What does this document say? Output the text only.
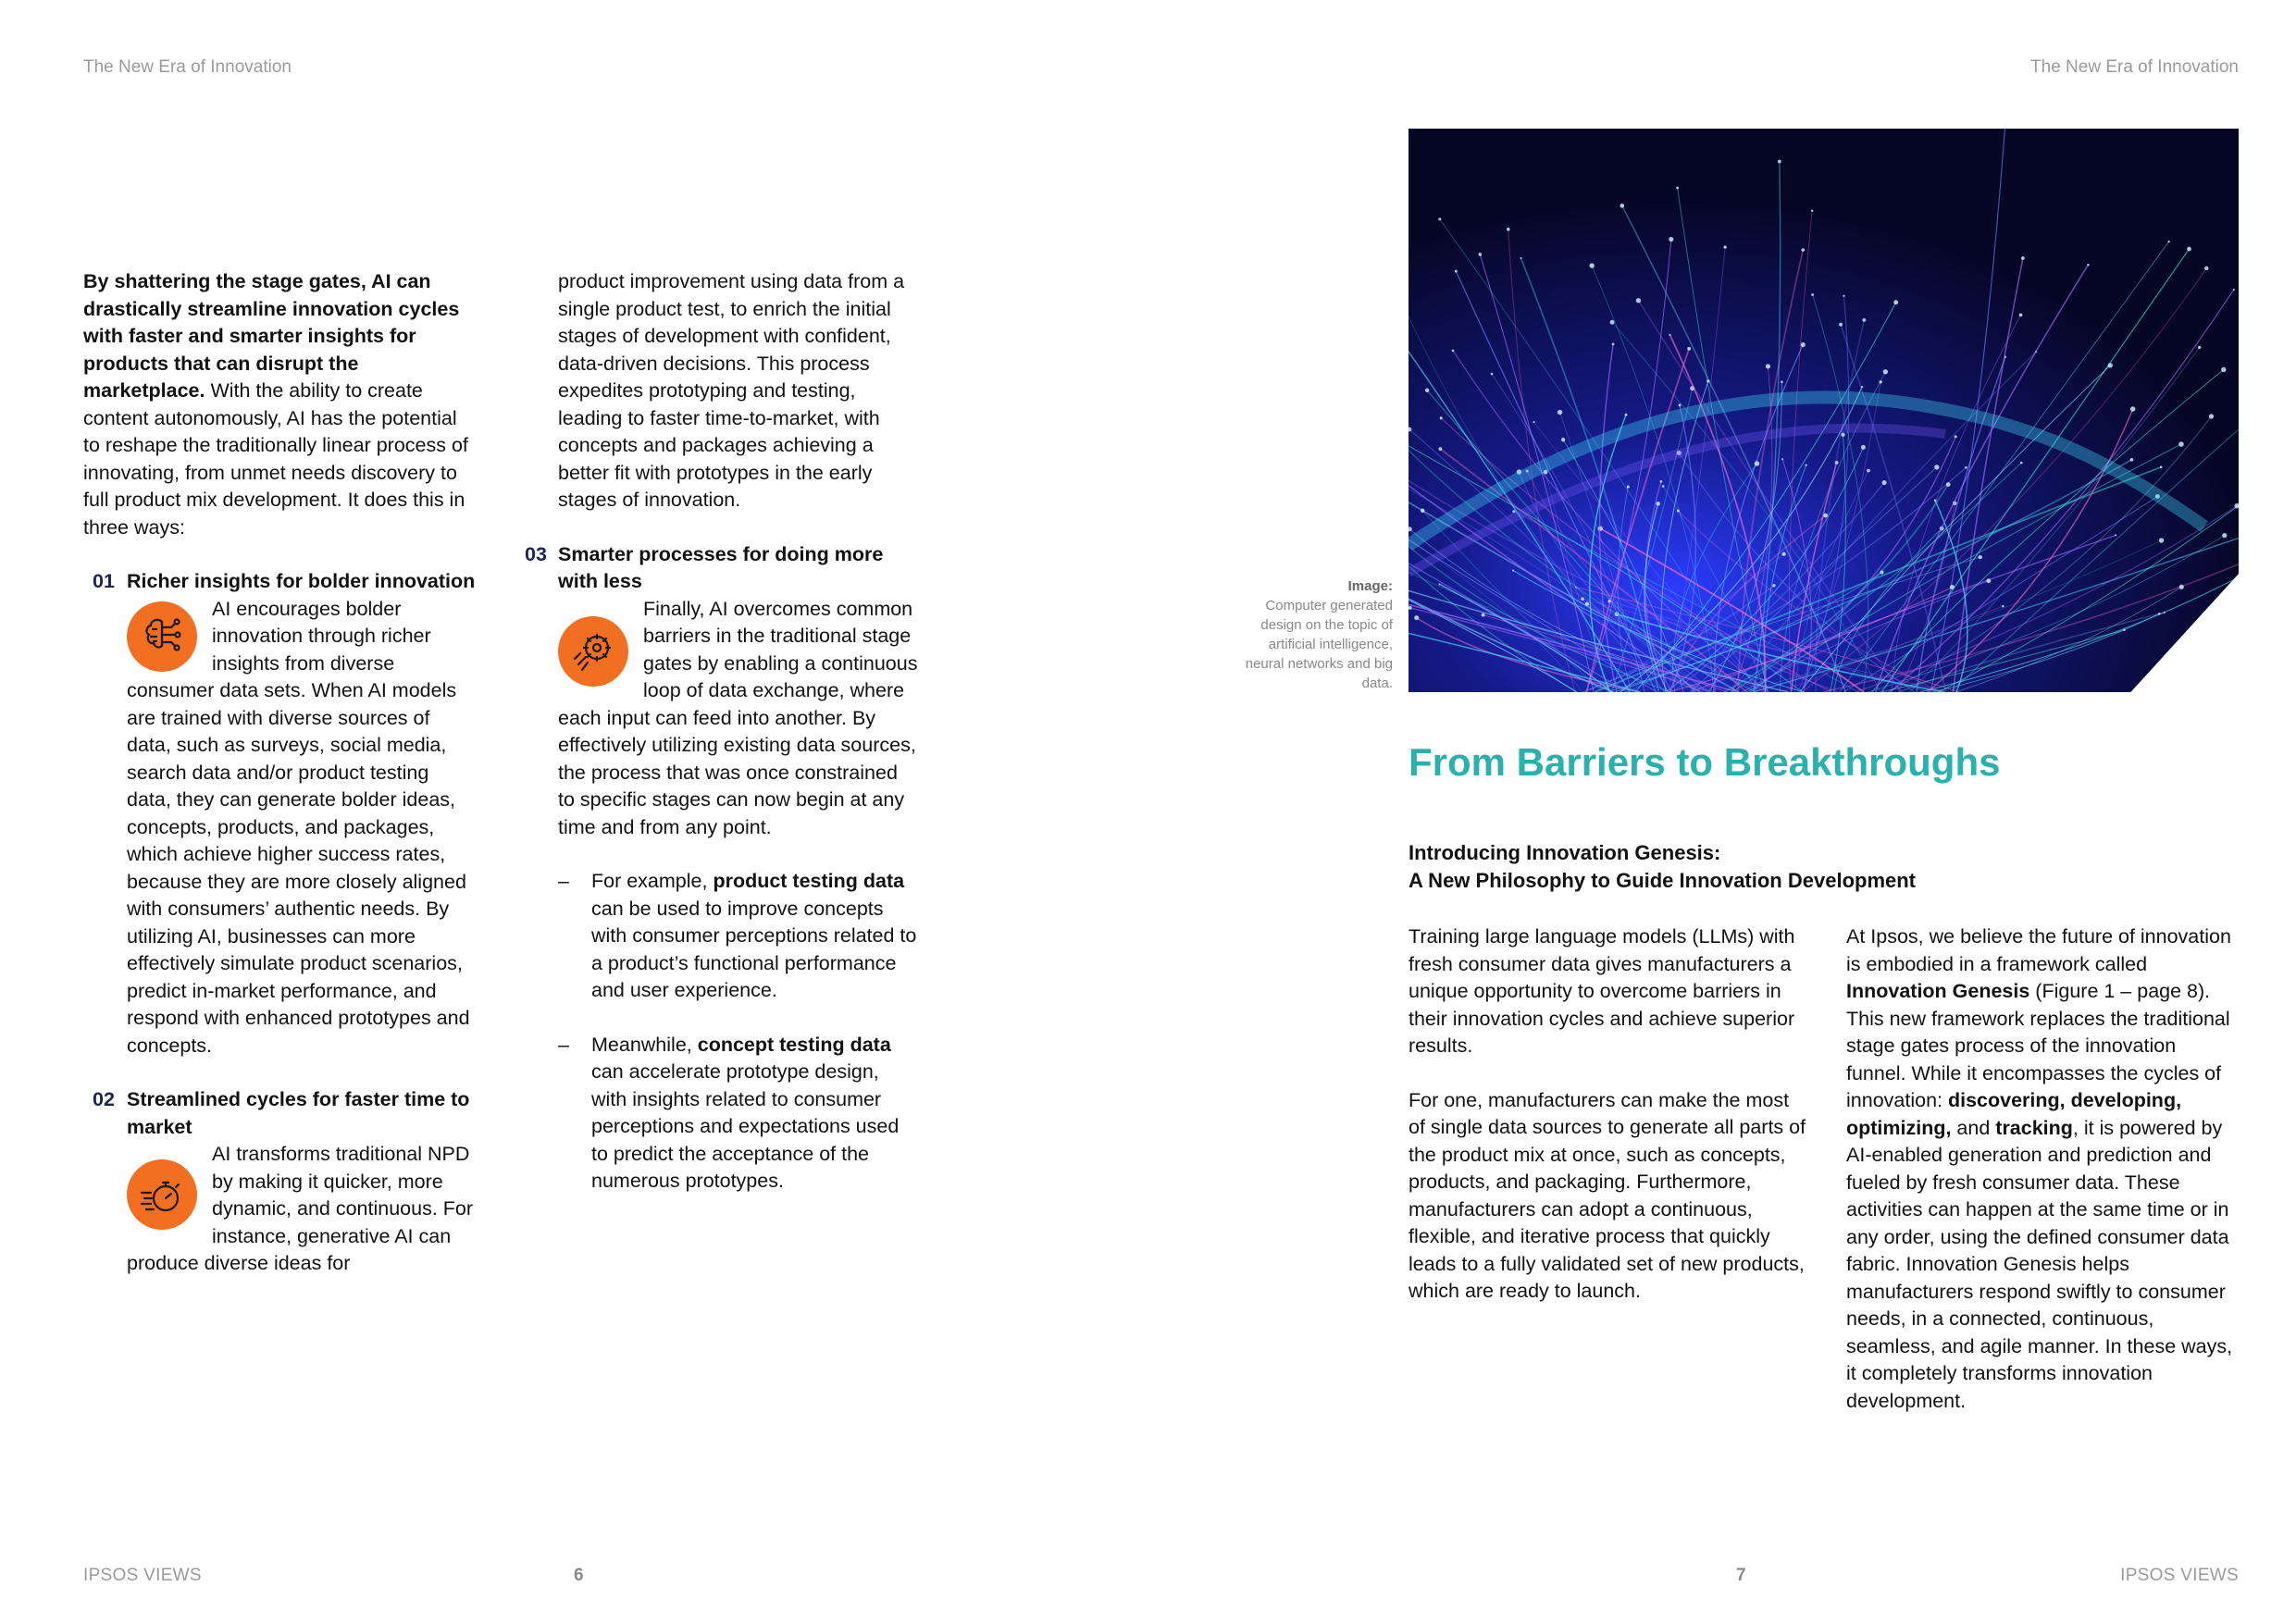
The New Era of Innovation	The New Era of Innovation

By shattering the stage gates, AI can drastically streamline innovation cycles with faster and smarter insights for products that can disrupt the marketplace. With the ability to create content autonomously, AI has the potential to reshape the traditionally linear process of innovating, from unmet needs discovery to full product mix development. It does this in three ways:

01 Richer insights for bolder innovation
AI encourages bolder innovation through richer insights from diverse consumer data sets. When AI models are trained with diverse sources of data, such as surveys, social media, search data and/or product testing data, they can generate bolder ideas, concepts, products, and packages, which achieve higher success rates, because they are more closely aligned with consumers’ authentic needs. By utilizing AI, businesses can more effectively simulate product scenarios, predict in-market performance, and respond with enhanced prototypes and concepts.
02 Streamlined cycles for faster time to market
AI transforms traditional NPD by making it quicker, more dynamic, and continuous. For instance, generative AI can produce diverse ideas for

product improvement using data from a single product test, to enrich the initial stages of development with confident, data-driven decisions. This process expedites prototyping and testing, leading to faster time-to-market, with concepts and packages achieving a better fit with prototypes in the early stages of innovation.

03 Smarter processes for doing more with less
Finally, AI overcomes common barriers in the traditional stage gates by enabling a continuous loop of data exchange, where each input can feed into another. By effectively utilizing existing data sources, the process that was once constrained to specific stages can now begin at any time and from any point.
– For example, product testing data can be used to improve concepts with consumer perceptions related to a product’s functional performance and user experience.
– Meanwhile, concept testing data can accelerate prototype design, with insights related to consumer perceptions and expectations used to predict the acceptance of the numerous prototypes.
Image:
Computer generated design on the topic of artificial intelligence, neural networks and big data.
From Barriers to Breakthroughs
Introducing Innovation Genesis:
A New Philosophy to Guide Innovation Development

Training large language models (LLMs) with fresh consumer data gives manufacturers a unique opportunity to overcome barriers in their innovation cycles and achieve superior results.

For one, manufacturers can make the most of single data sources to generate all parts of the product mix at once, such as concepts, products, and packaging. Furthermore, manufacturers can adopt a continuous, flexible, and iterative process that quickly leads to a fully validated set of new products, which are ready to launch.

At Ipsos, we believe the future of innovation is embodied in a framework called Innovation Genesis (Figure 1 – page 8). This new framework replaces the traditional stage gates process of the innovation funnel. While it encompasses the cycles of innovation: discovering, developing, optimizing, and tracking, it is powered by AI-enabled generation and prediction and fueled by fresh consumer data. These activities can happen at the same time or in any order, using the defined consumer data fabric. Innovation Genesis helps manufacturers respond swiftly to consumer needs, in a connected, continuous, seamless, and agile manner. In these ways, it completely transforms innovation development.

IPSOS VIEWS	6	7	IPSOS VIEWS
